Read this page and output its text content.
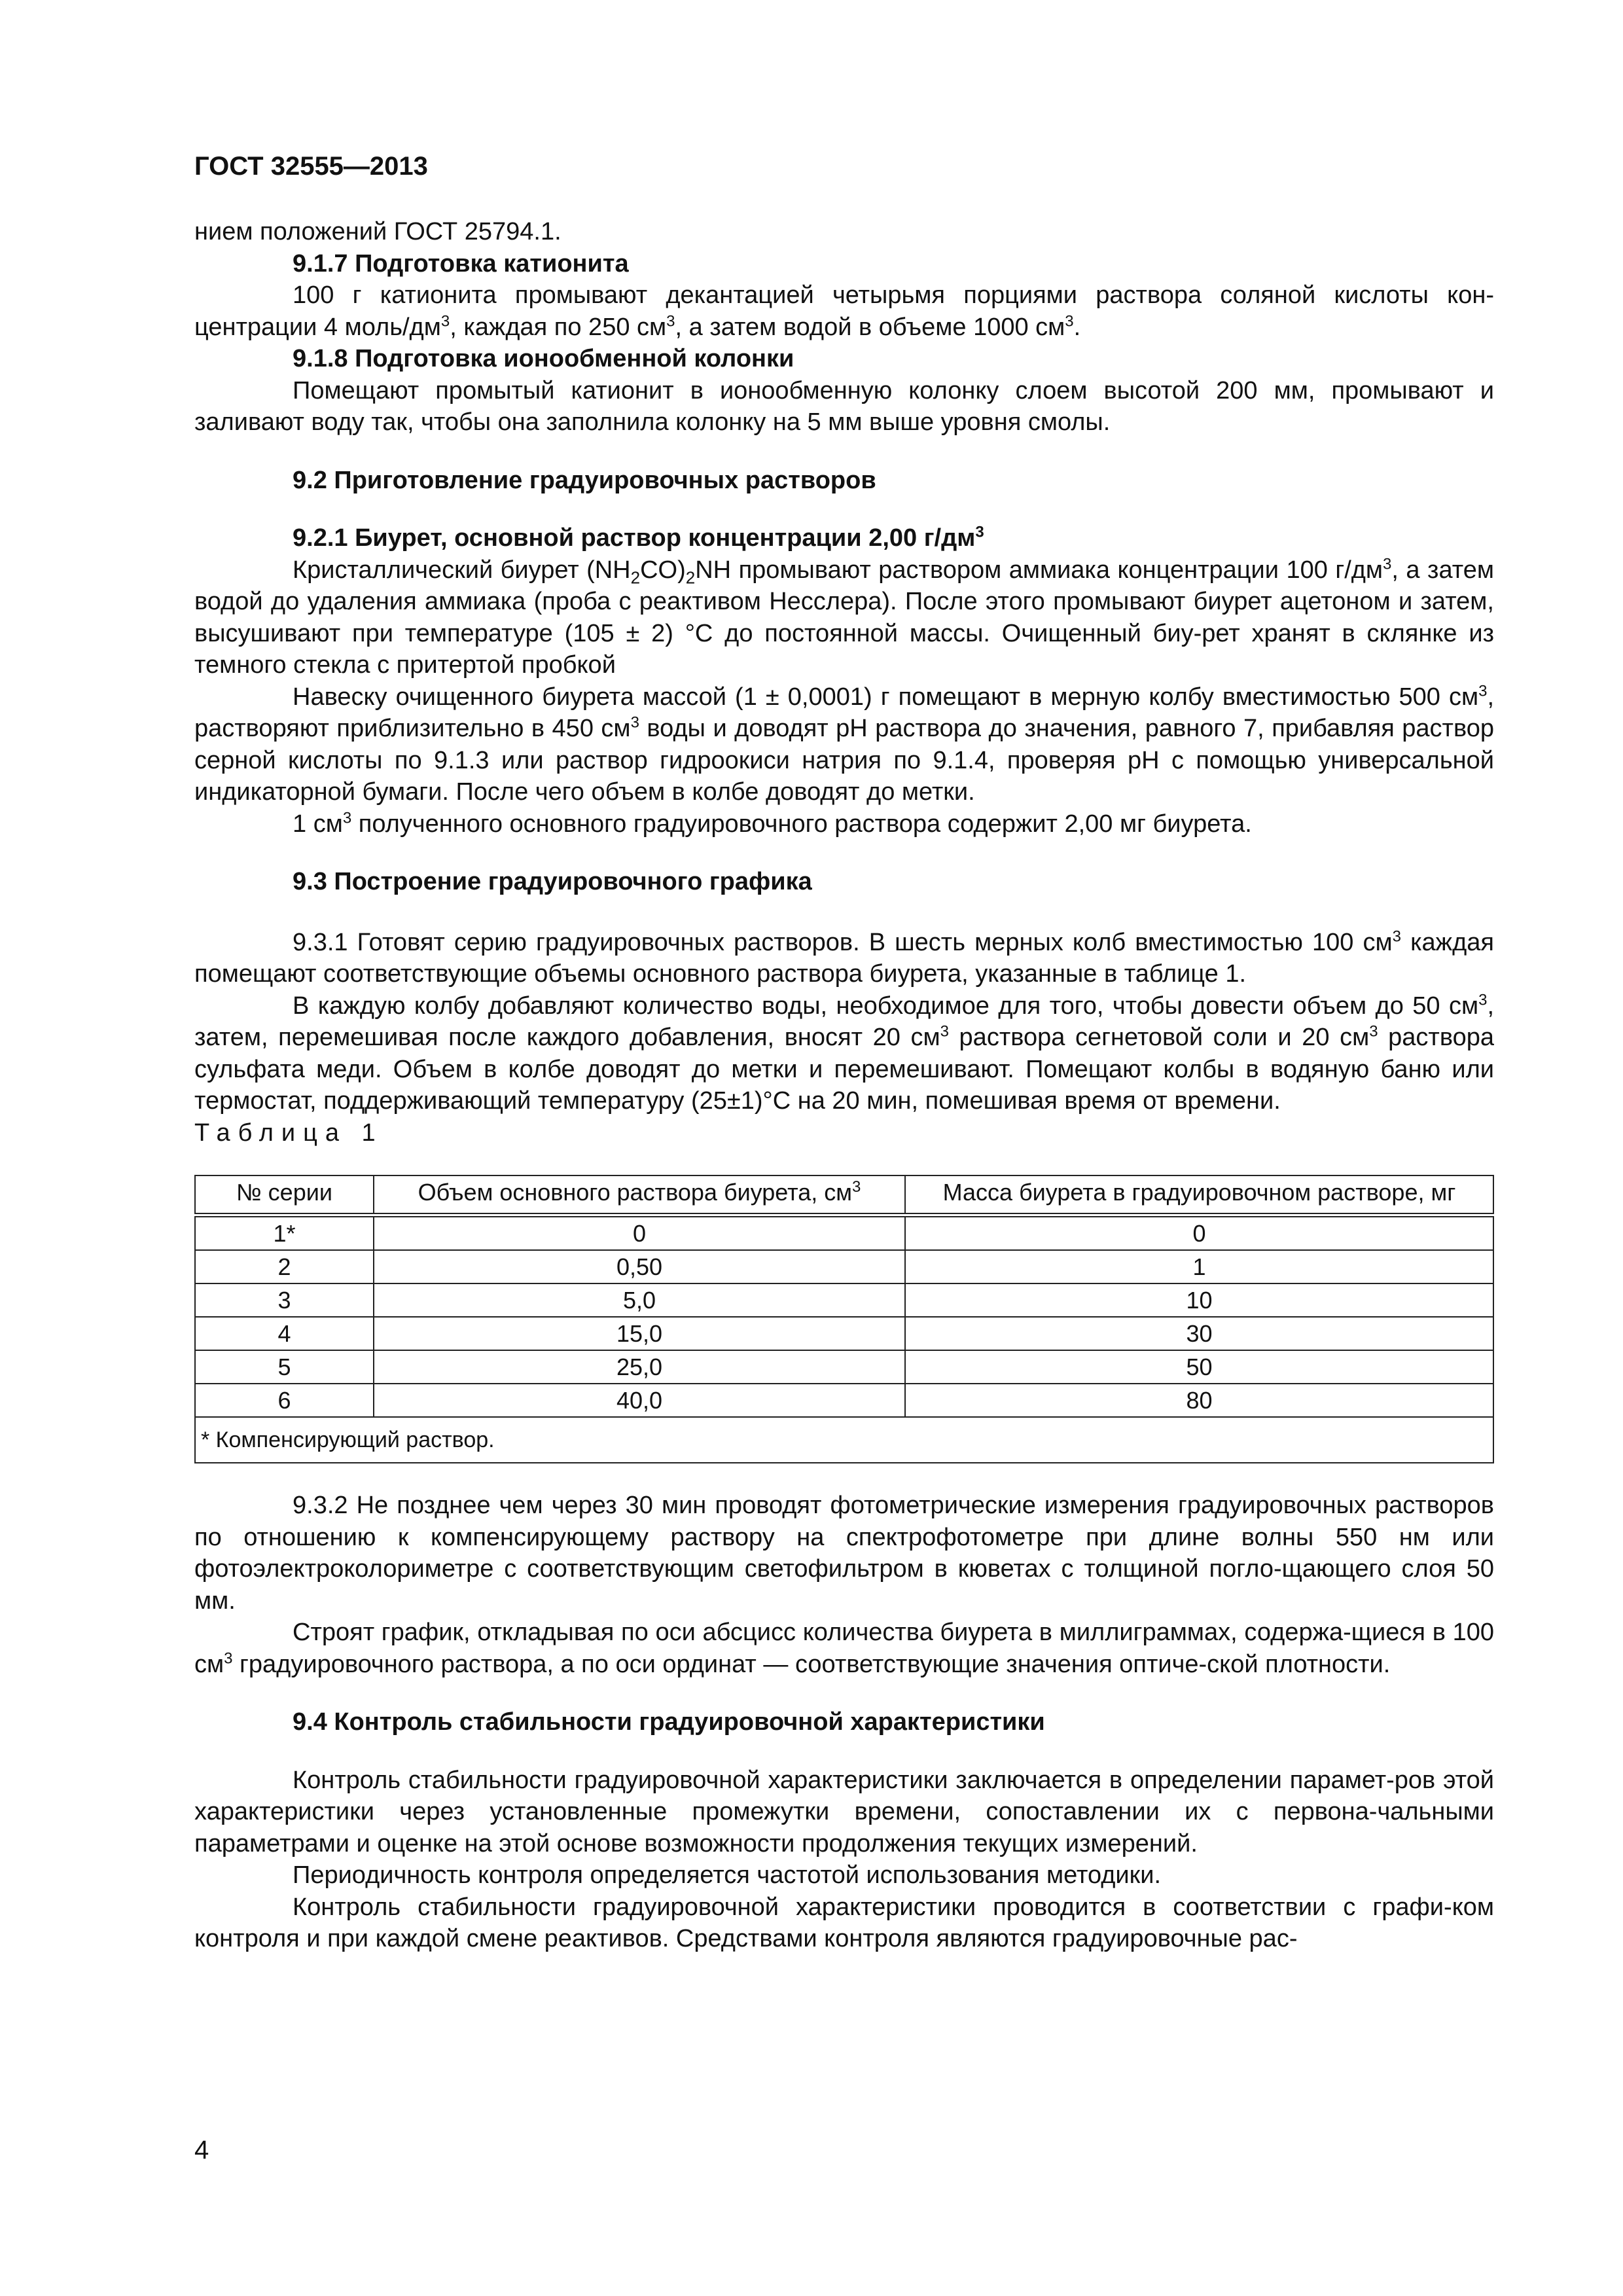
ГОСТ 32555—2013

нием положений ГОСТ 25794.1.

9.1.7 Подготовка катионита

100 г катионита промывают декантацией четырьмя порциями раствора соляной кислоты кон-центрации 4 моль/$дм^3$, каждая по 250 $см^3$, а затем водой в объеме 1000 $см^3$.

9.1.8 Подготовка ионообменной колонки

Помещают промытый катионит в ионообменную колонку слоем высотой 200 мм, промывают и заливают воду так, чтобы она заполнила колонку на 5 мм выше уровня смолы.

9.2 Приготовление градуировочных растворов

9.2.1 Биурет, основной раствор концентрации 2,00 $г/дм^3$

Кристаллический биурет $(NH_2CO)_2NH$ промывают раствором аммиака концентрации 100 $г/дм^3$, а затем водой до удаления аммиака (проба с реактивом Несслера). После этого промывают биурет ацетоном и затем, высушивают при температуре (105 ± 2) °С до постоянной массы. Очищенный биу-рет хранят в склянке из темного стекла с притертой пробкой

Навеску очищенного биурета массой (1 ± 0,0001) г помещают в мерную колбу вместимостью 500 $см^3$, растворяют приблизительно в 450 $см^3$ воды и доводят рН раствора до значения, равного 7, прибавляя раствор серной кислоты по 9.1.3 или раствор гидроокиси натрия по 9.1.4, проверяя рН с помощью универсальной индикаторной бумаги. После чего объем в колбе доводят до метки.

1 $см^3$ полученного основного градуировочного раствора содержит 2,00 мг биурета.

9.3 Построение градуировочного графика

9.3.1 Готовят серию градуировочных растворов. В шесть мерных колб вместимостью 100 $см^3$ каждая помещают соответствующие объемы основного раствора биурета, указанные в таблице 1.

В каждую колбу добавляют количество воды, необходимое для того, чтобы довести объем до 50 $см^3$, затем, перемешивая после каждого добавления, вносят 20 $см^3$ раствора сегнетовой соли и 20 $см^3$ раствора сульфата меди. Объем в колбе доводят до метки и перемешивают. Помещают колбы в водяную баню или термостат, поддерживающий температуру (25±1)°С на 20 мин, помешивая время от времени.

Таблица 1

№ серии	Объем основного раствора биурета, $см^3$	Масса биурета в градуировочном растворе, мг
1*	0	0
2	0,50	1
3	5,0	10
4	15,0	30
5	25,0	50
6	40,0	80
* Компенсирующий раствор.		

9.3.2 Не позднее чем через 30 мин проводят фотометрические измерения градуировочных растворов по отношению к компенсирующему раствору на спектрофотометре при длине волны 550 нм или фотоэлектроколориметре с соответствующим светофильтром в кюветах с толщиной погло-щающего слоя 50 мм.

Строят график, откладывая по оси абсцисс количества биурета в миллиграммах, содержа-щиеся в 100 $см^3$ градуировочного раствора, а по оси ординат — соответствующие значения оптиче-ской плотности.

9.4 Контроль стабильности градуировочной характеристики

Контроль стабильности градуировочной характеристики заключается в определении парамет-ров этой характеристики через установленные промежутки времени, сопоставлении их с первона-чальными параметрами и оценке на этой основе возможности продолжения текущих измерений.

Периодичность контроля определяется частотой использования методики.

Контроль стабильности градуировочной характеристики проводится в соответствии с графи-ком контроля и при каждой смене реактивов. Средствами контроля являются градуировочные рас-

4
